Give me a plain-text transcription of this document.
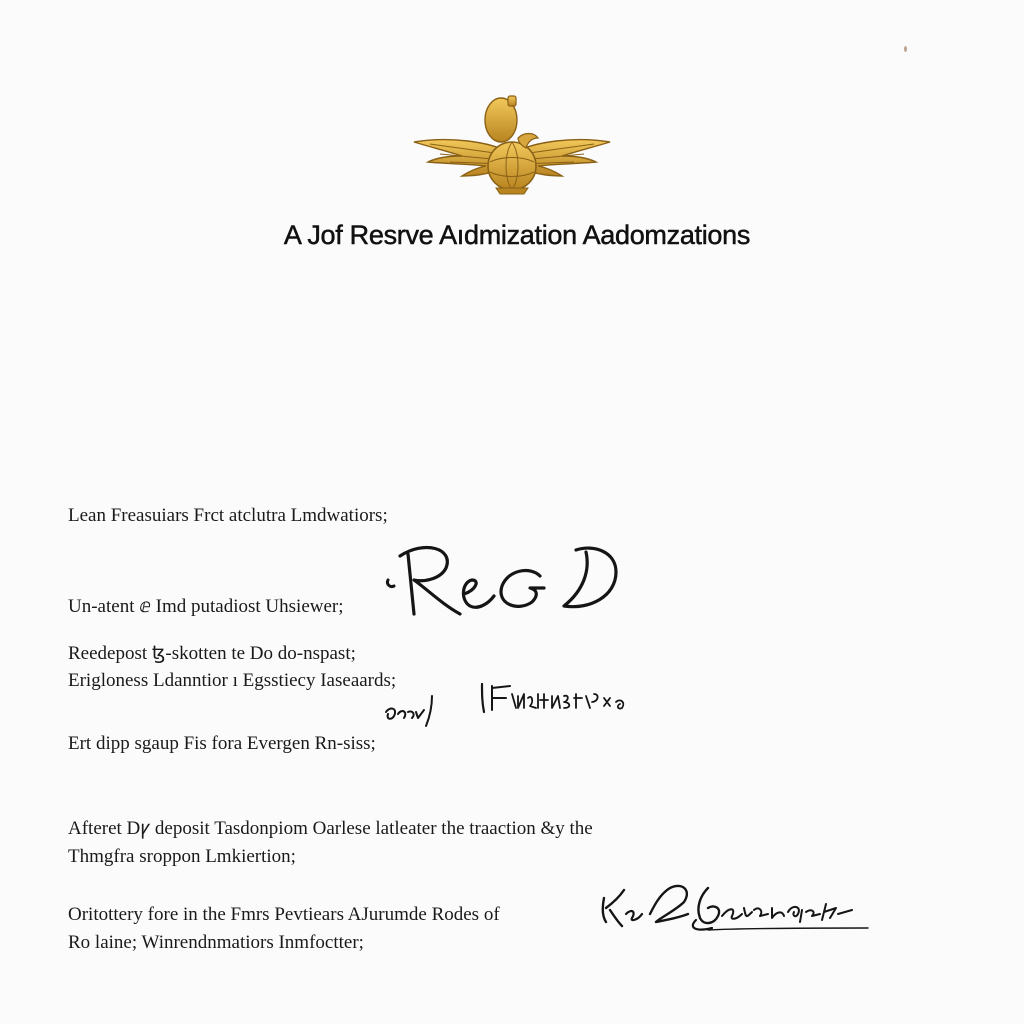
A Jof Resrve Aıdmization Aadomzations

Lean Freasuiars Frct atclutra Lmdwatiors;

Un-atent ⅇ Imd putadiost Uhsiewer;

Reedepost ꜩ-skotten te Do do-nspast;

Erigloness Ldanntior ı Egsstiecy Iaseaards;

Ert dipp sgaup Fis fora Evergen Rn-siss;

Afteret Dꝩ deposit Tasdonpiom Oarlese latleater the traaction &y the

Thmgfra sroppon Lmkiertion;

Oritottery fore in the Fmrs Pevtiears AJurumde Rodes of

Ro laine; Winrendnmatiors Inmfoctter;
